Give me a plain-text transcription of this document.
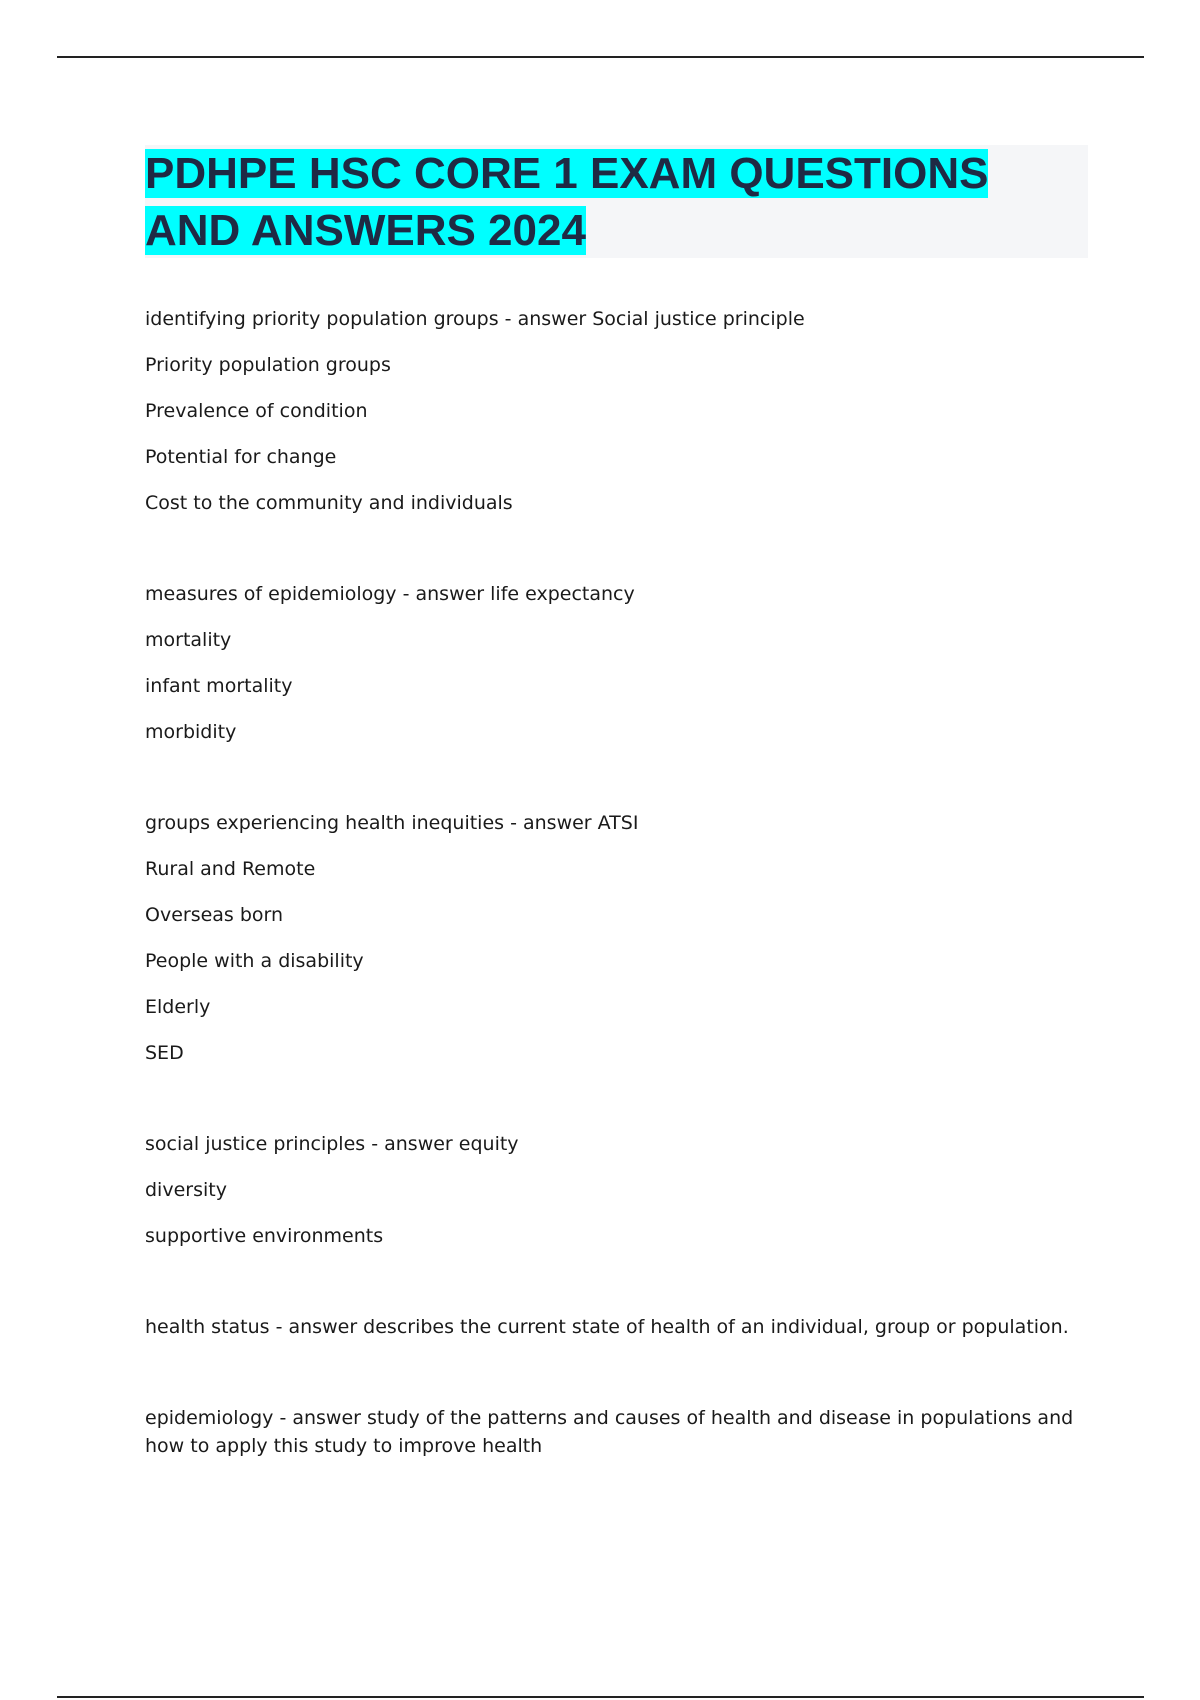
PDHPE HSC CORE 1 EXAM QUESTIONS AND ANSWERS 2024
identifying priority population groups - answer Social justice principle
Priority population groups
Prevalence of condition
Potential for change
Cost to the community and individuals
measures of epidemiology - answer life expectancy
mortality
infant mortality
morbidity
groups experiencing health inequities - answer ATSI
Rural and Remote
Overseas born
People with a disability
Elderly
SED
social justice principles - answer equity
diversity
supportive environments
health status - answer describes the current state of health of an individual, group or population.
epidemiology - answer study of the patterns and causes of health and disease in populations and how to apply this study to improve health
